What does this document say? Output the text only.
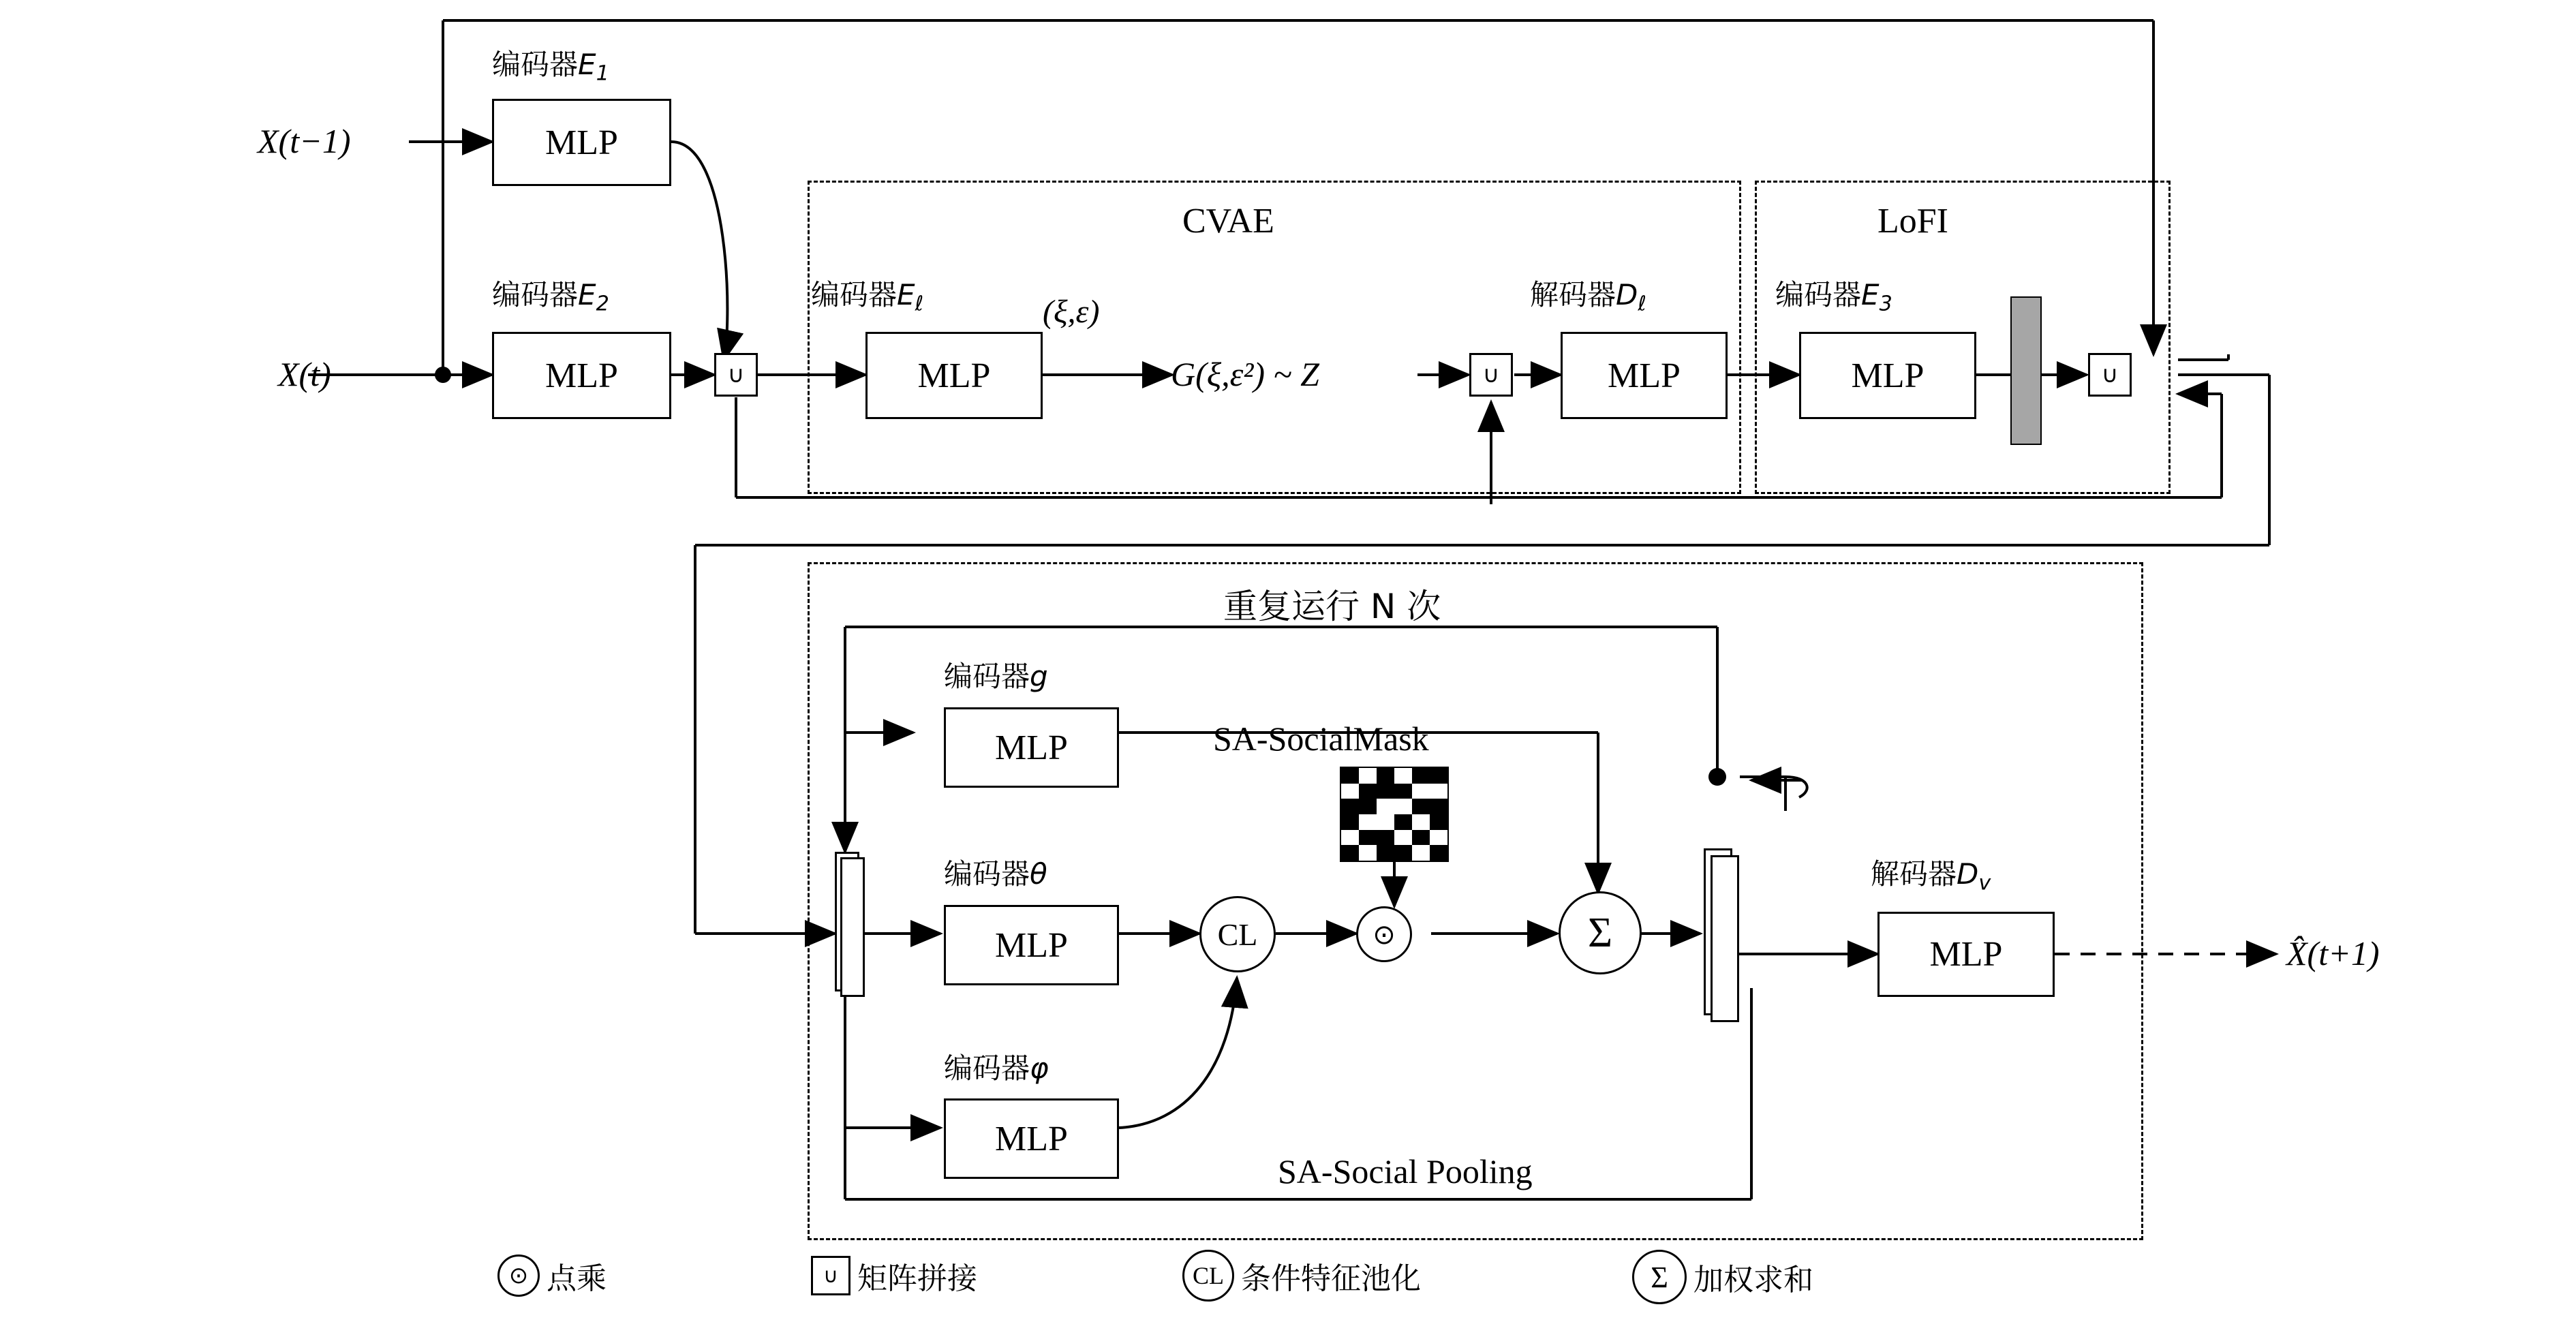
CVAE	LoFI
重复运行 N 次
SA-Social Pooling
SA-SocialMask
X(t−1)
X(t)
X̂(t+1)
编码器$E_1$
MLP
编码器$E_2$
MLP	∪
编码器$E_\ell$
MLP
(ξ,ε)
G(ξ,ε²) ~ Z	∪
解码器$D_\ell$
MLP
编码器$E_3$
MLP	∪
编码器g
MLP
编码器θ
MLP
编码器φ
MLP
CL	⊙	Σ
解码器$D_v$
MLP
⊙ 点乘	∪ 矩阵拼接	CL 条件特征池化	Σ 加权求和
